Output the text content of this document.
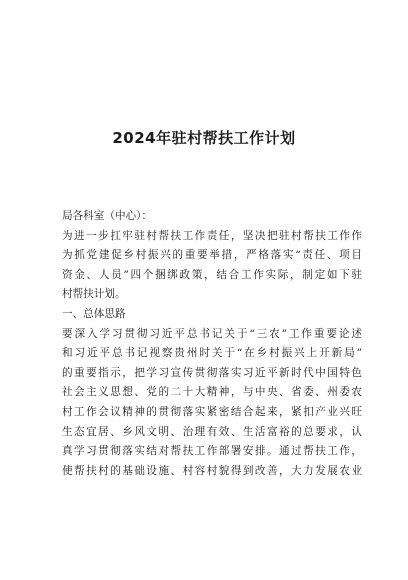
2024年驻村帮扶工作计划
局各科室（中心）：
为进一步扛牢驻村帮扶工作责任，坚决把驻村帮扶工作作
为抓党建促乡村振兴的重要举措，严格落实“责任、项目
资金、人员”四个捆绑政策，结合工作实际，制定如下驻
村帮扶计划。
一、总体思路
要深入学习贯彻习近平总书记关于“三农”工作重要论述
和习近平总书记视察贵州时关于“在乡村振兴上开新局”
的重要指示，把学习宣传贯彻落实习近平新时代中国特色
社会主义思想、党的二十大精神，与中央、省委、州委农
村工作会议精神的贯彻落实紧密结合起来，紧扣产业兴旺
生态宜居、乡风文明、治理有效、生活富裕的总要求，认
真学习贯彻落实结对帮扶工作部署安排。通过帮扶工作，
使帮扶村的基础设施、村容村貌得到改善，大力发展农业
